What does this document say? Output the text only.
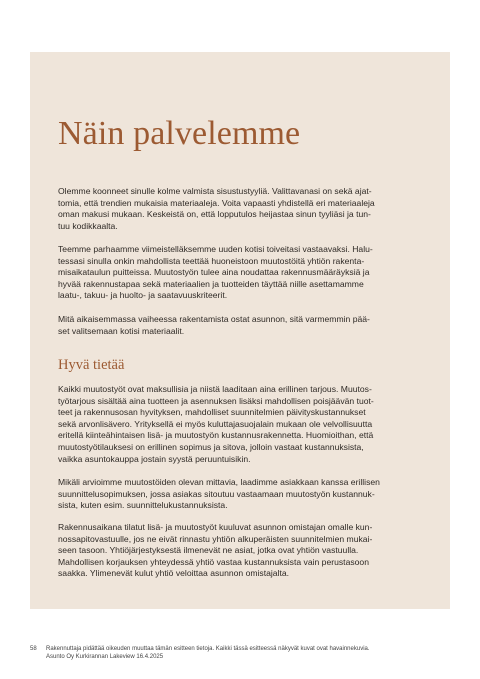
Näin palvelemme

Olemme koonneet sinulle kolme valmista sisustustyyliä. Valittavanasi on sekä ajat-
tomia, että trendien mukaisia materiaaleja. Voita vapaasti yhdistellä eri materiaaleja
oman makusi mukaan. Keskeistä on, että lopputulos heijastaa sinun tyyliäsi ja tun-
tuu kodikkaalta.

Teemme parhaamme viimeistelläksemme uuden kotisi toiveitasi vastaavaksi. Halu-
tessasi sinulla onkin mahdollista teettää huoneistoon muutostöitä yhtiön rakenta-
misaikataulun puitteissa. Muutostyön tulee aina noudattaa rakennusmääräyksiä ja
hyvää rakennustapaa sekä materiaalien ja tuotteiden täyttää niille asettamamme
laatu-, takuu- ja huolto- ja saatavuuskriteerit.

Mitä aikaisemmassa vaiheessa rakentamista ostat asunnon, sitä varmemmin pää-
set valitsemaan kotisi materiaalit.

Hyvä tietää

Kaikki muutostyöt ovat maksullisia ja niistä laaditaan aina erillinen tarjous. Muutos-
työtarjous sisältää aina tuotteen ja asennuksen lisäksi mahdollisen poisjäävän tuot-
teet ja rakennusosan hyvityksen, mahdolliset suunnitelmien päivityskustannukset
sekä arvonlisävero. Yrityksellä ei myös kuluttajasuojalain mukaan ole velvollisuutta
eritellä kiinteähintaisen lisä- ja muutostyön kustannusrakennetta. Huomioithan, että
muutostyötilauksesi on erillinen sopimus ja sitova, jolloin vastaat kustannuksista,
vaikka asuntokauppa jostain syystä peruuntuisikin.

Mikäli arvioimme muutostöiden olevan mittavia, laadimme asiakkaan kanssa erillisen
suunnittelusopimuksen, jossa asiakas sitoutuu vastaamaan muutostyön kustannuk-
sista, kuten esim. suunnittelukustannuksista.

Rakennusaikana tilatut lisä- ja muutostyöt kuuluvat asunnon omistajan omalle kun-
nossapitovastuulle, jos ne eivät rinnastu yhtiön alkuperäisten suunnitelmien mukai-
seen tasoon. Yhtiöjärjestyksestä ilmenevät ne asiat, jotka ovat yhtiön vastuulla.
Mahdollisen korjauksen yhteydessä yhtiö vastaa kustannuksista vain perustasoon
saakka. Ylimenevät kulut yhtiö veloittaa asunnon omistajalta.

58 Rakennuttaja pidättää oikeuden muuttaa tämän esitteen tietoja. Kaikki tässä esitteessä näkyvät kuvat ovat havainnekuvia.
Asunto Oy Kurkirannan Lakeview 16.4.2025
